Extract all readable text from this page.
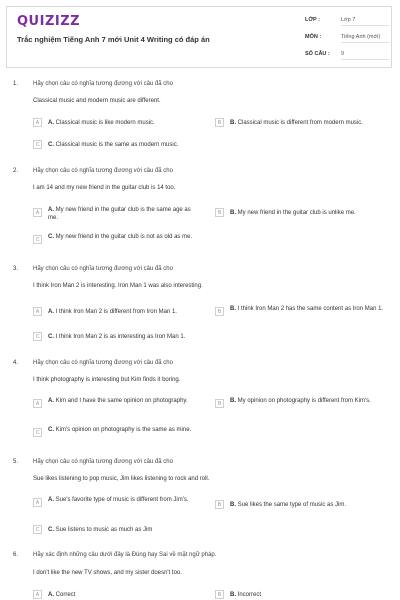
QUIZIZZ
Trắc nghiệm Tiếng Anh 7 mới Unit 4 Writing có đáp án
LỚP :	Lớp 7
MÔN :	Tiếng Anh (mới)
SỐ CÂU : 9
1. Hãy chọn câu có nghĩa tương đương với câu đã cho
Classical music and modern music are different.
A	A. Classical music is like modern music.	B	B. Classical music is different from modern music.
C	C. Classical music is the same as modern music.
2. Hãy chọn câu có nghĩa tương đương với câu đã cho
I am 14 and my new friend in the guitar club is 14 too.
A	A. My new friend in the guitar club is the same age as me.
B	B. My new friend in the guitar club is unlike me.
C	C. My new friend in the guitar club is not as old as me.
3. Hãy chọn câu có nghĩa tương đương với câu đã cho
I think Iron Man 2 is interesting. Iron Man 1 was also interesting.
A	A. I think Iron Man 2 is different from Iron Man 1.	B	B. I think Iron Man 2 has the same content as Iron Man 1.
C	C. I think Iron Man 2 is as interesting as Iron Man 1.
4. Hãy chọn câu có nghĩa tương đương với câu đã cho
I think photography is interesting but Kim finds it boring.
A	A. Kim and I have the same opinion on photography.	B	B. My opinion on photography is different from Kim's.
C	C. Kim's opinion on photography is the same as mine.
5. Hãy chọn câu có nghĩa tương đương với câu đã cho
Sue likes listening to pop music, Jim likes listening to rock and roll.
A	A. Sue's favorite type of music is different from Jim's.
B	B. Sue likes the same type of music as Jim.
C	C. Sue listens to music as much as Jim
6. Hãy xác định những câu dưới đây là Đúng hay Sai về mặt ngữ pháp.
I don't like the new TV shows, and my sister doesn't too.
A	A. Correct	B	B. Incorrect
